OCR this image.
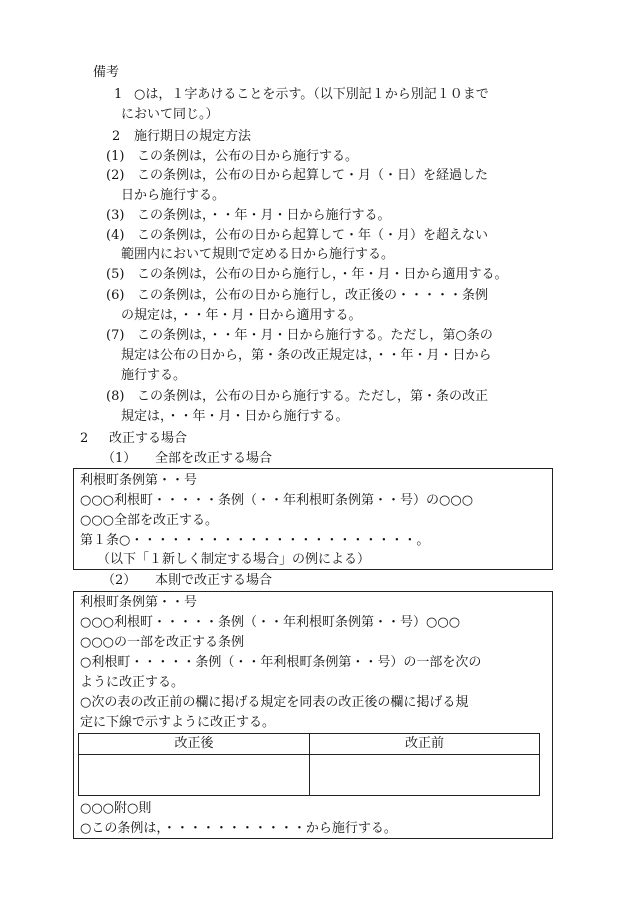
備考
1 ○は，１字あけることを示す。（以下別記１から別記１０まで
において同じ。）
2 施行期日の規定方法
(1) この条例は，公布の日から施行する。
(2) この条例は，公布の日から起算して・月（・日）を経過した
日から施行する。
(3) この条例は，・・年・月・日から施行する。
(4) この条例は，公布の日から起算して・年（・月）を超えない
範囲内において規則で定める日から施行する。
(5) この条例は，公布の日から施行し，・年・月・日から適用する。
(6) この条例は，公布の日から施行し，改正後の・・・・・条例
の規定は，・・年・月・日から適用する。
(7) この条例は，・・年・月・日から施行する。ただし，第○条の
規定は公布の日から，第・条の改正規定は，・・年・月・日から
施行する。
(8) この条例は，公布の日から施行する。ただし，第・条の改正
規定は，・・年・月・日から施行する。
2 改正する場合
（1） 全部を改正する場合
利根町条例第・・号
○○○利根町・・・・・条例（・・年利根町条例第・・号）の○○○
○○○全部を改正する。
第１条○・・・・・・・・・・・・・・・・・・・・・・。
（以下「１新しく制定する場合」の例による）
（2） 本則で改正する場合
利根町条例第・・号
○○○利根町・・・・・条例（・・年利根町条例第・・号）○○○
○○○の一部を改正する条例
○利根町・・・・・条例（・・年利根町条例第・・号）の一部を次の
ように改正する。
○次の表の改正前の欄に掲げる規定を同表の改正後の欄に掲げる規
定に下線で示すように改正する。
改正後	改正前
○○○附○則
○この条例は，・・・・・・・・・・・から施行する。
